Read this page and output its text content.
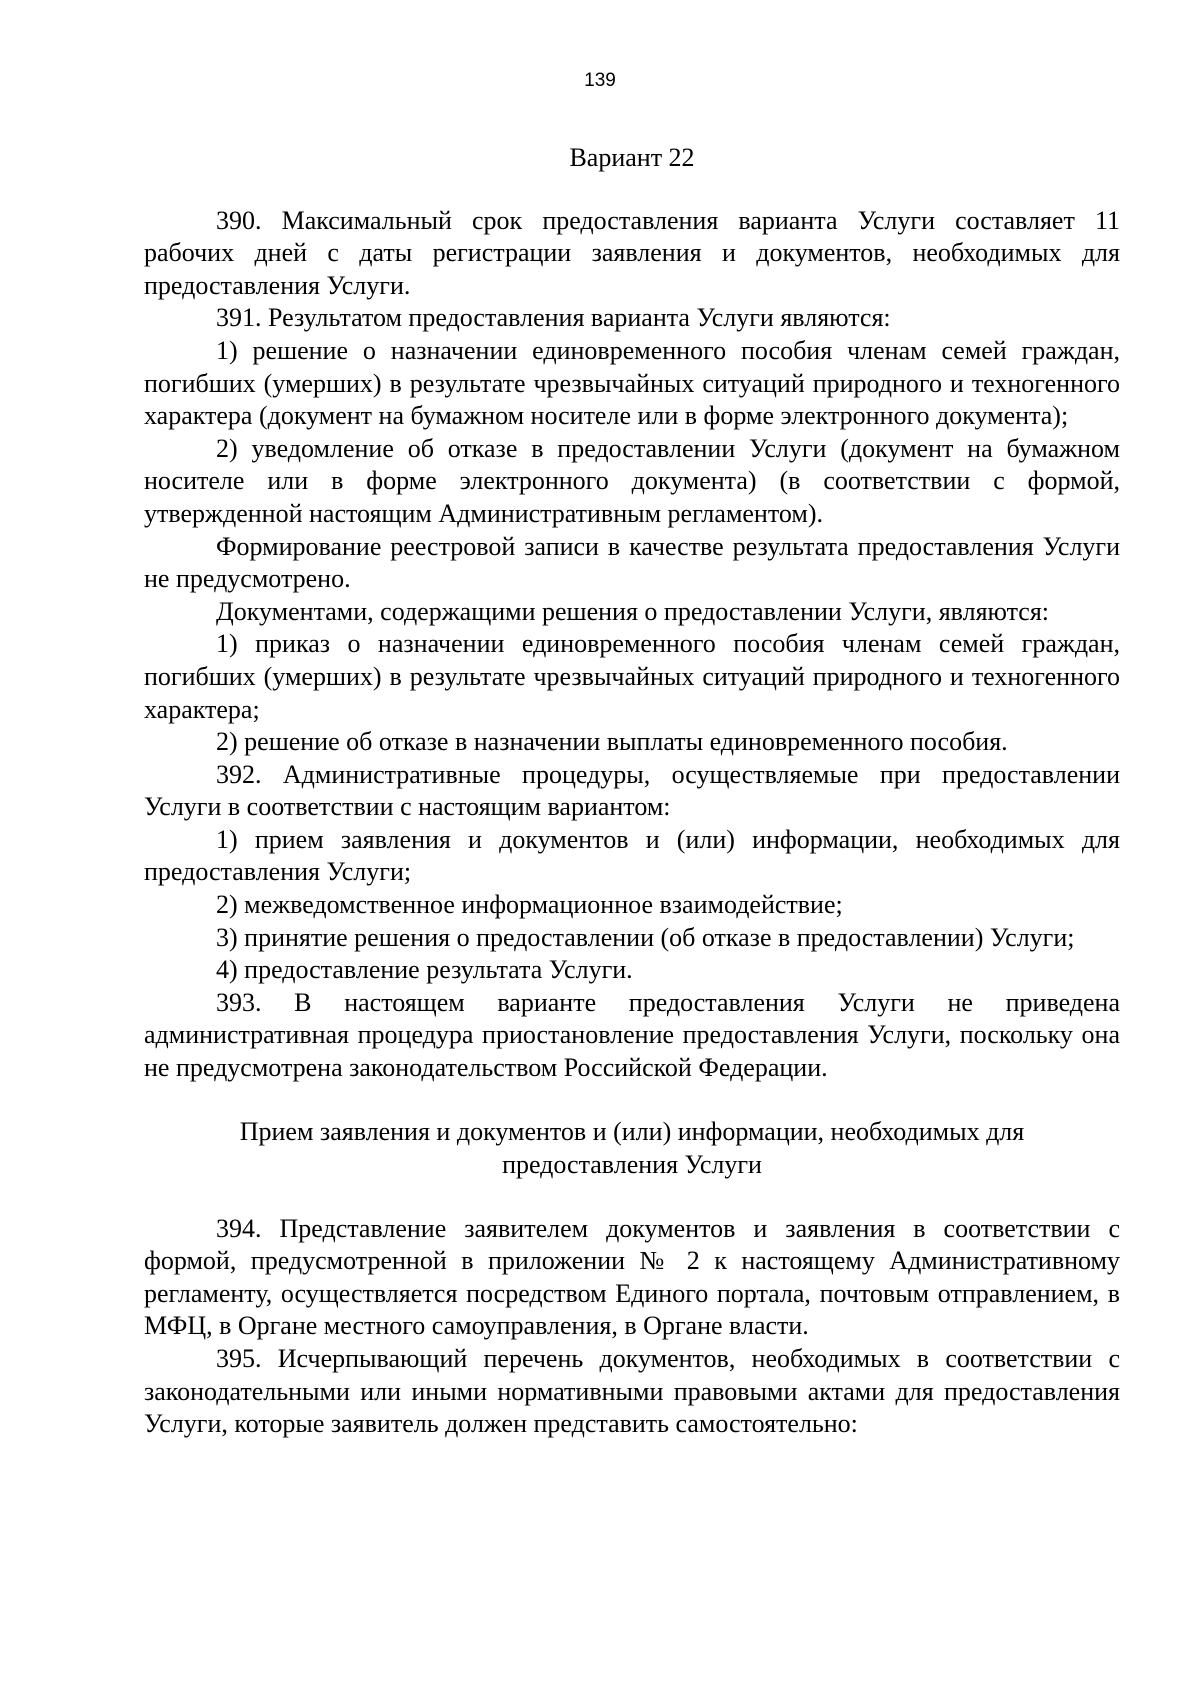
139

Вариант 22

390. Максимальный срок предоставления варианта Услуги составляет 11 рабочих дней с даты регистрации заявления и документов, необходимых для предоставления Услуги.

391. Результатом предоставления варианта Услуги являются:

1) решение о назначении единовременного пособия членам семей граждан, погибших (умерших) в результате чрезвычайных ситуаций природного и техногенного характера (документ на бумажном носителе или в форме электронного документа);

2) уведомление об отказе в предоставлении Услуги (документ на бумажном носителе или в форме электронного документа) (в соответствии с формой, утвержденной настоящим Административным регламентом).

Формирование реестровой записи в качестве результата предоставления Услуги не предусмотрено.

Документами, содержащими решения о предоставлении Услуги, являются:

1) приказ о назначении единовременного пособия членам семей граждан, погибших (умерших) в результате чрезвычайных ситуаций природного и техногенного характера;

2) решение об отказе в назначении выплаты единовременного пособия.

392. Административные процедуры, осуществляемые при предоставлении Услуги в соответствии с настоящим вариантом:

1) прием заявления и документов и (или) информации, необходимых для предоставления Услуги;

2) межведомственное информационное взаимодействие;

3) принятие решения о предоставлении (об отказе в предоставлении) Услуги;

4) предоставление результата Услуги.

393. В настоящем варианте предоставления Услуги не приведена административная процедура приостановление предоставления Услуги, поскольку она не предусмотрена законодательством Российской Федерации.

Прием заявления и документов и (или) информации, необходимых для
предоставления Услуги

394. Представление заявителем документов и заявления в соответствии с формой, предусмотренной в приложении № 2 к настоящему Административному регламенту, осуществляется посредством Единого портала, почтовым отправлением, в МФЦ, в Органе местного самоуправления, в Органе власти.

395. Исчерпывающий перечень документов, необходимых в соответствии с законодательными или иными нормативными правовыми актами для предоставления Услуги, которые заявитель должен представить самостоятельно:
